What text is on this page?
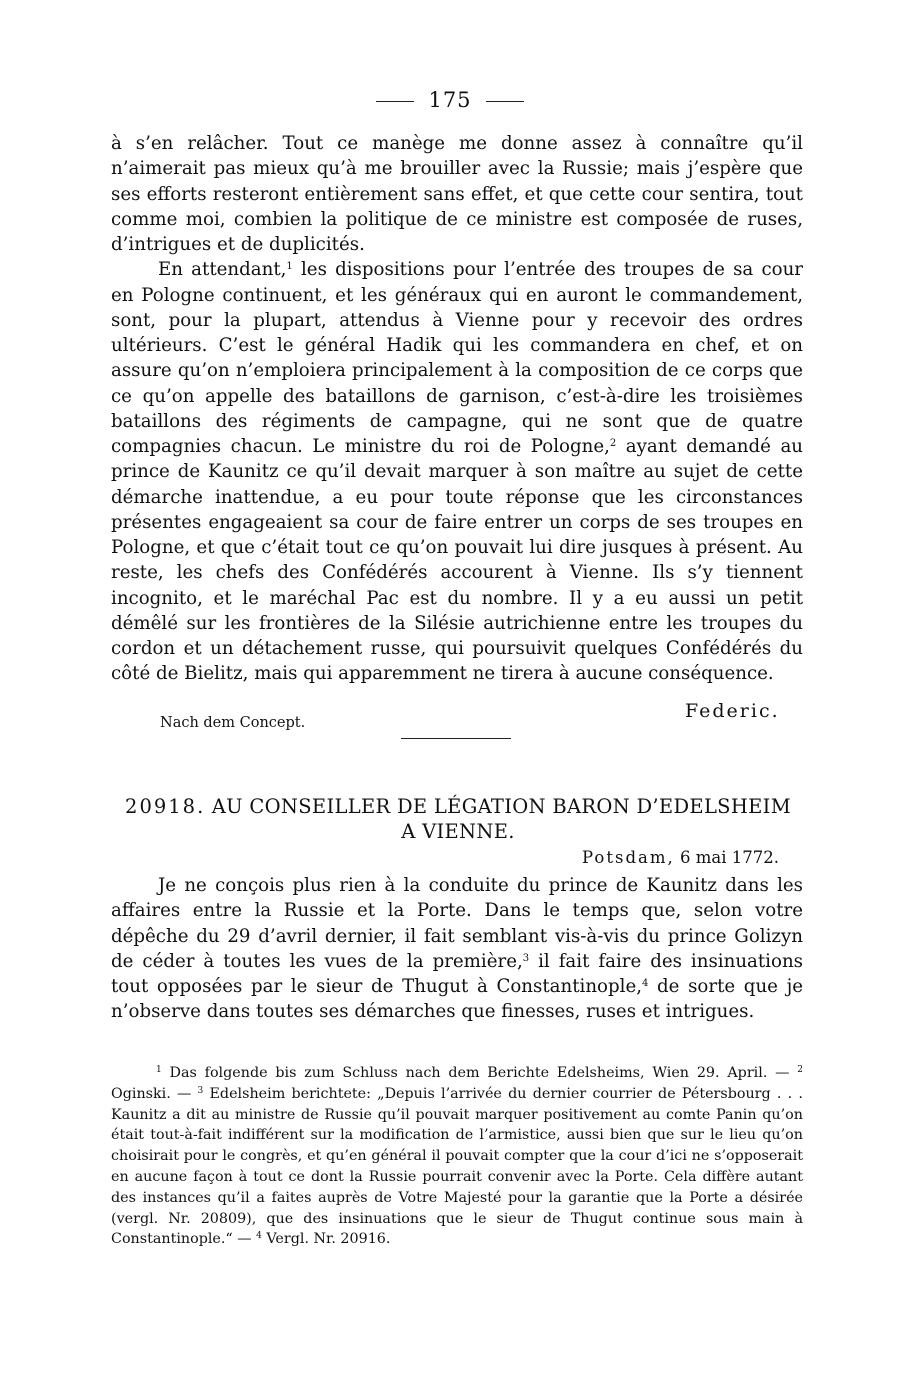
175

à s’en relâcher. Tout ce manège me donne assez à connaître qu’il n’aimerait pas mieux qu’à me brouiller avec la Russie; mais j’espère que ses efforts resteront entièrement sans effet, et que cette cour sentira, tout comme moi, combien la politique de ce ministre est composée de ruses, d’intrigues et de duplicités.

En attendant,$^1$ les dispositions pour l’entrée des troupes de sa cour en Pologne continuent, et les généraux qui en auront le commandement, sont, pour la plupart, attendus à Vienne pour y recevoir des ordres ultérieurs. C’est le général Hadik qui les commandera en chef, et on assure qu’on n’emploiera principalement à la composition de ce corps que ce qu’on appelle des bataillons de garnison, c’est-à-dire les troisièmes bataillons des régiments de campagne, qui ne sont que de quatre compagnies chacun. Le ministre du roi de Pologne,$^2$ ayant demandé au prince de Kaunitz ce qu’il devait marquer à son maître au sujet de cette démarche inattendue, a eu pour toute réponse que les circonstances présentes engageaient sa cour de faire entrer un corps de ses troupes en Pologne, et que c’était tout ce qu’on pouvait lui dire jusques à présent. Au reste, les chefs des Confédérés accourent à Vienne. Ils s’y tiennent incognito, et le maréchal Pac est du nombre. Il y a eu aussi un petit démêlé sur les frontières de la Silésie autrichienne entre les troupes du cordon et un détachement russe, qui poursuivit quelques Confédérés du côté de Bielitz, mais qui apparemment ne tirera à aucune conséquence.

Federic.
Nach dem Concept.
20918. AU CONSEILLER DE LÉGATION BARON D’EDELSHEIM
A VIENNE.
Potsdam, 6 mai 1772.

Je ne conçois plus rien à la conduite du prince de Kaunitz dans les affaires entre la Russie et la Porte. Dans le temps que, selon votre dépêche du 29 d’avril dernier, il fait semblant vis-à-vis du prince Golizyn de céder à toutes les vues de la première,$^3$ il fait faire des insinuations tout opposées par le sieur de Thugut à Constantinople,$^4$ de sorte que je n’observe dans toutes ses démarches que finesses, ruses et intrigues.

$^1$ Das folgende bis zum Schluss nach dem Berichte Edelsheims, Wien 29. April. — $^2$ Oginski. — $^3$ Edelsheim berichtete: „Depuis l’arrivée du dernier courrier de Pétersbourg . . . Kaunitz a dit au ministre de Russie qu’il pouvait marquer positivement au comte Panin qu’on était tout-à-fait indifférent sur la modification de l’armistice, aussi bien que sur le lieu qu’on choisirait pour le congrès, et qu’en général il pouvait compter que la cour d’ici ne s’opposerait en aucune façon à tout ce dont la Russie pourrait convenir avec la Porte. Cela diffère autant des instances qu’il a faites auprès de Votre Majesté pour la garantie que la Porte a désirée (vergl. Nr. 20809), que des insinuations que le sieur de Thugut continue sous main à Constantinople.“ — $^4$ Vergl. Nr. 20916.
